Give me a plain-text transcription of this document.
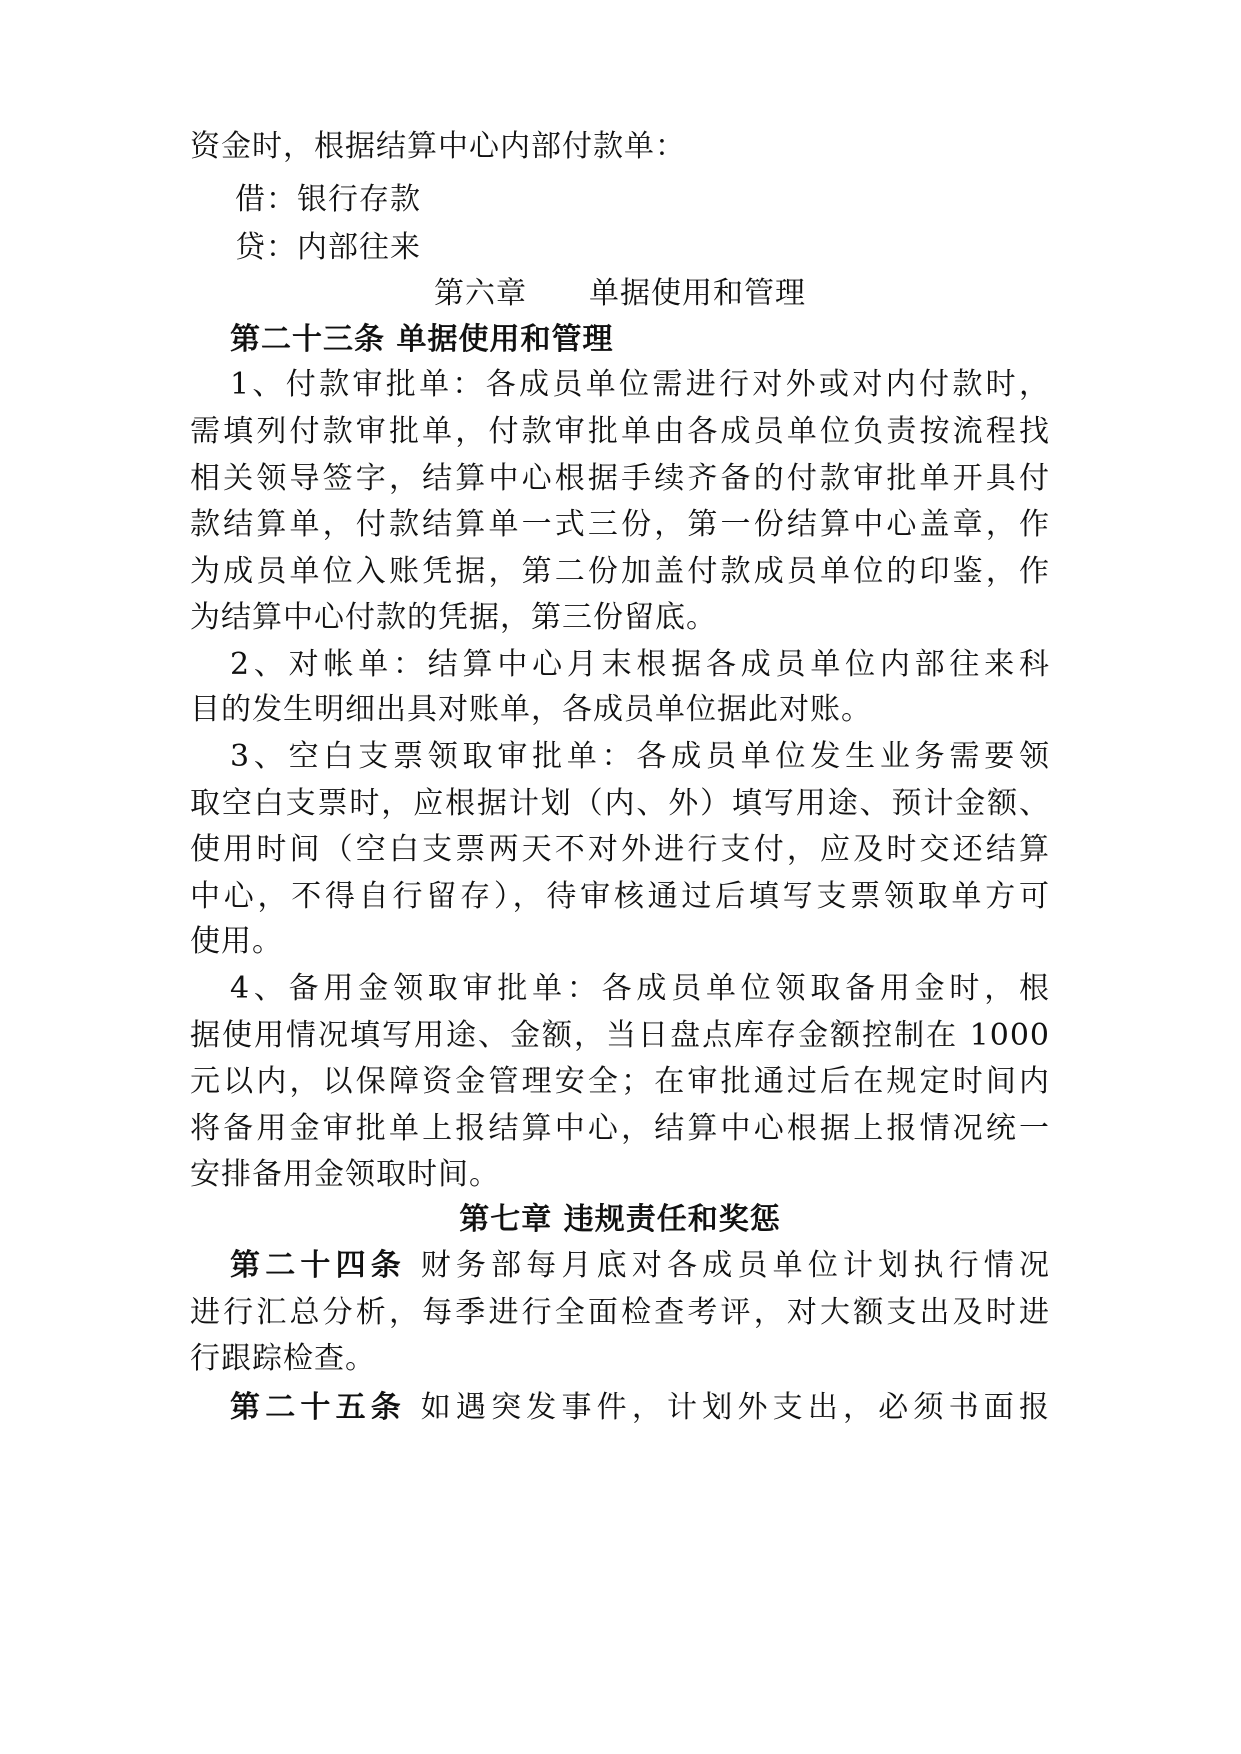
资金时，根据结算中心内部付款单：
借：银行存款
贷：内部往来
第六章　　单据使用和管理
第二十三条 单据使用和管理
1、付款审批单：各成员单位需进行对外或对内付款时，
需填列付款审批单，付款审批单由各成员单位负责按流程找
相关领导签字，结算中心根据手续齐备的付款审批单开具付
款结算单，付款结算单一式三份，第一份结算中心盖章，作
为成员单位入账凭据，第二份加盖付款成员单位的印鉴，作
为结算中心付款的凭据，第三份留底。
2、对帐单：结算中心月末根据各成员单位内部往来科
目的发生明细出具对账单，各成员单位据此对账。
3、空白支票领取审批单：各成员单位发生业务需要领
取空白支票时，应根据计划（内、外）填写用途、预计金额、
使用时间（空白支票两天不对外进行支付，应及时交还结算
中心，不得自行留存），待审核通过后填写支票领取单方可
使用。
4、备用金领取审批单：各成员单位领取备用金时，根
据使用情况填写用途、金额，当日盘点库存金额控制在 1000
元以内，以保障资金管理安全；在审批通过后在规定时间内
将备用金审批单上报结算中心，结算中心根据上报情况统一
安排备用金领取时间。
第七章 违规责任和奖惩
第二十四条 财务部每月底对各成员单位计划执行情况
进行汇总分析，每季进行全面检查考评，对大额支出及时进
行跟踪检查。
第二十五条 如遇突发事件，计划外支出，必须书面报
